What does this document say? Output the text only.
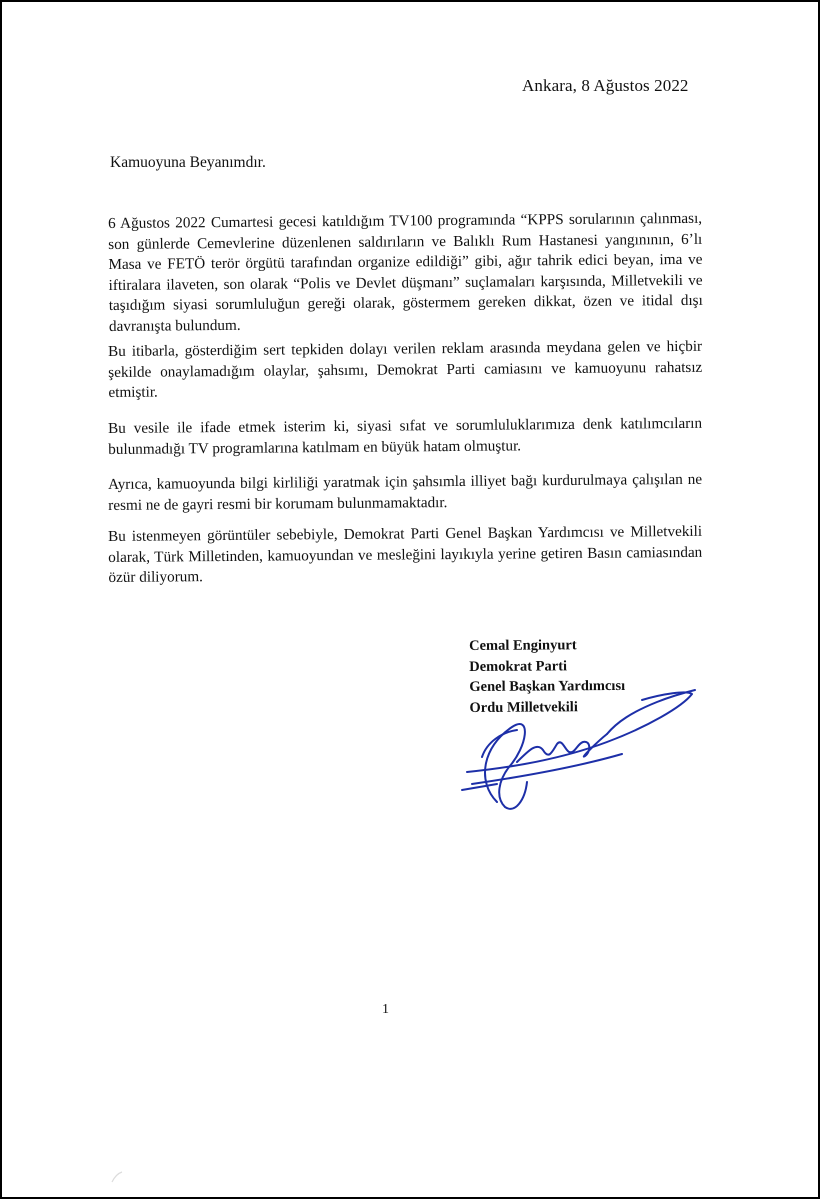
Ankara, 8 Ağustos 2022
Kamuoyuna Beyanımdır.
6 Ağustos 2022 Cumartesi gecesi katıldığım TV100 programında “KPPS sorularının çalınması, son günlerde Cemevlerine düzenlenen saldırıların ve Balıklı Rum Hastanesi yangınının, 6’lı Masa ve FETÖ terör örgütü tarafından organize edildiği” gibi, ağır tahrik edici beyan, ima ve iftiralara ilaveten, son olarak “Polis ve Devlet düşmanı” suçlamaları karşısında, Milletvekili ve taşıdığım siyasi sorumluluğun gereği olarak, göstermem gereken dikkat, özen ve itidal dışı davranışta bulundum.
Bu itibarla, gösterdiğim sert tepkiden dolayı verilen reklam arasında meydana gelen ve hiçbir şekilde onaylamadığım olaylar, şahsımı, Demokrat Parti camiasını ve kamuoyunu rahatsız etmiştir.
Bu vesile ile ifade etmek isterim ki, siyasi sıfat ve sorumluluklarımıza denk katılımcıların bulunmadığı TV programlarına katılmam en büyük hatam olmuştur.
Ayrıca, kamuoyunda bilgi kirliliği yaratmak için şahsımla illiyet bağı kurdurulmaya çalışılan ne resmi ne de gayri resmi bir korumam bulunmamaktadır.
Bu istenmeyen görüntüler sebebiyle, Demokrat Parti Genel Başkan Yardımcısı ve Milletvekili olarak, Türk Milletinden, kamuoyundan ve mesleğini layıkıyla yerine getiren Basın camiasından özür diliyorum.
Cemal Enginyurt
Demokrat Parti
Genel Başkan Yardımcısı
Ordu Milletvekili
1
